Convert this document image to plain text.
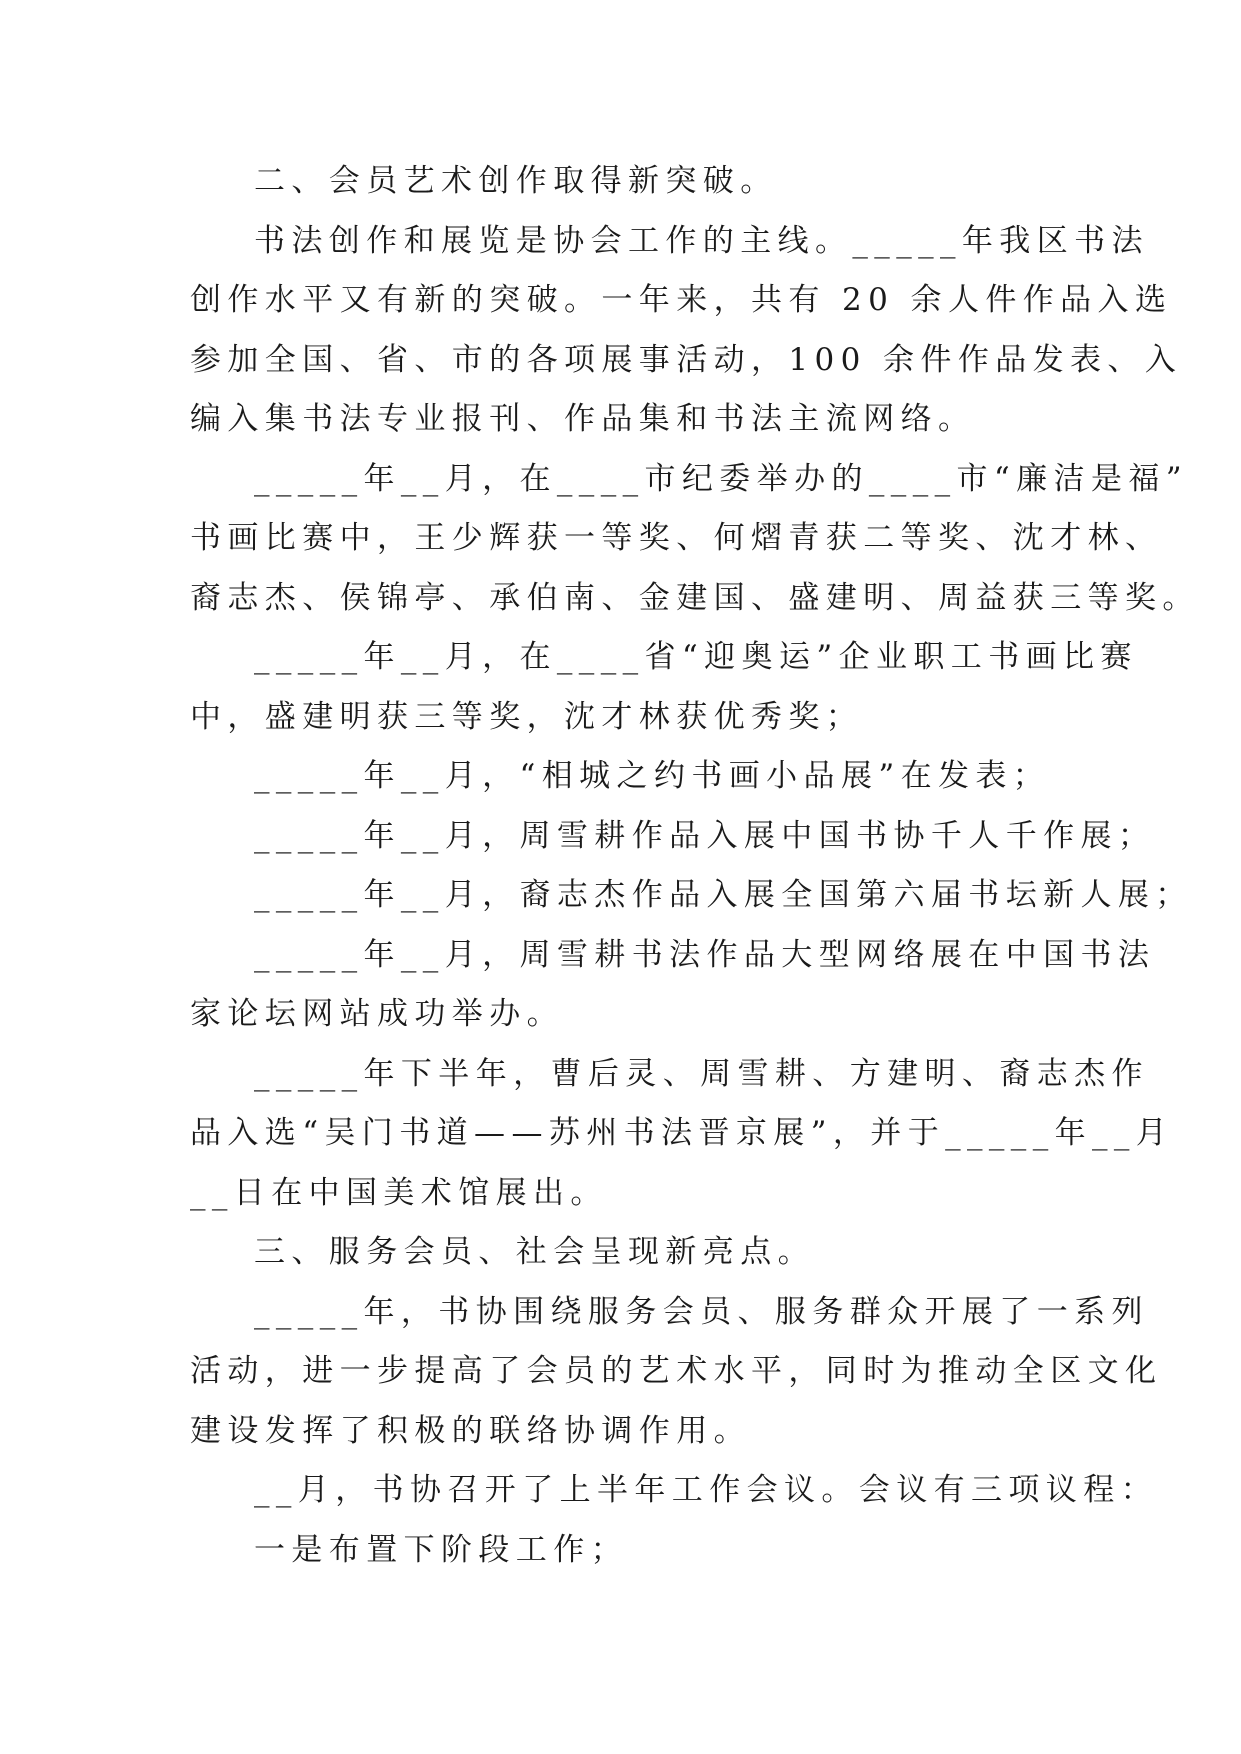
二、会员艺术创作取得新突破。
书法创作和展览是协会工作的主线。_____年我区书法
创作水平又有新的突破。一年来，共有 20 余人件作品入选
参加全国、省、市的各项展事活动，100 余件作品发表、入
编入集书法专业报刊、作品集和书法主流网络。
_____年__月，在____市纪委举办的____市“廉洁是福”
书画比赛中，王少辉获一等奖、何熠青获二等奖、沈才林、
裔志杰、侯锦亭、承伯南、金建国、盛建明、周益获三等奖。
_____年__月，在____省“迎奥运”企业职工书画比赛
中，盛建明获三等奖，沈才林获优秀奖；
_____年__月，“相城之约书画小品展”在发表；
_____年__月，周雪耕作品入展中国书协千人千作展；
_____年__月，裔志杰作品入展全国第六届书坛新人展；
_____年__月，周雪耕书法作品大型网络展在中国书法
家论坛网站成功举办。
_____年下半年，曹后灵、周雪耕、方建明、裔志杰作
品入选“吴门书道——苏州书法晋京展”，并于_____年__月
__日在中国美术馆展出。
三、服务会员、社会呈现新亮点。
_____年，书协围绕服务会员、服务群众开展了一系列
活动，进一步提高了会员的艺术水平，同时为推动全区文化
建设发挥了积极的联络协调作用。
__月，书协召开了上半年工作会议。会议有三项议程：
一是布置下阶段工作；
